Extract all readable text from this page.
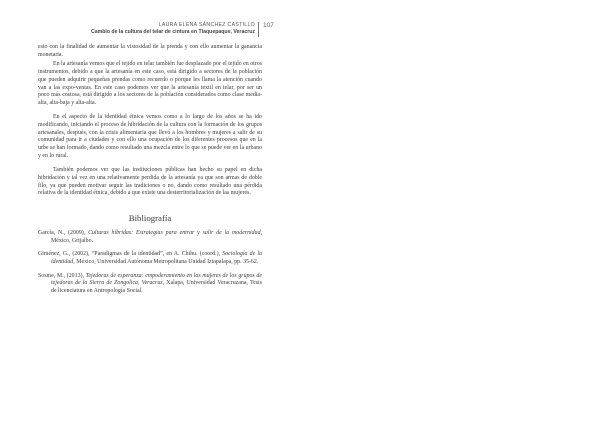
LAURA ELENA SÁNCHEZ CASTILLO
Cambio de la cultura del telar de cintura en Tlaquepaque, Veracruz
107

esto con la finalidad de aumentar la vistosidad de la prenda y con ello aumentar la ganancia monetaria.

En la artesanía vemos que el tejido en telar también fue desplazado por el tejido en otros instrumentos, debido a que la artesanía en este caso, está dirigido a sectores de la población que pueden adquirir pequeñas prendas como recuerdo o porque les llama la atención cuando van a las expo-ventas. En este caso podemos ver que la artesanía textil en telar, por ser un poco más costosa, está dirigido a los sectores de la población considerados como clase media-alta, alta-baja y alta-alta.

En el aspecto de la identidad étnica vemos como a lo largo de los años se ha ido modificando, iniciando el proceso de hibridación de la cultura con la formación de los grupos artesanales, después, con la crisis alimentaria que llevó a los hombres y mujeres a salir de su comunidad para ir a ciudades y con ello una ocupación de los diferentes procesos que en la urbe se han formado, dando como resultado una mezcla entre lo que se puede ver en la urbano y en lo rural.

También podemos ver que las instituciones públicas han hecho su papel en dicha hibridación y tal vez en una relativamente perdida de la artesanía ya que son armas de doble filo, ya que pueden motivar seguir las tradiciones o no, dando como resultado una pérdida relativa de la identidad étnica, debido a que existe una desterritorialización de las mujeres.

Bibliografía

García, N., (2009), Culturas híbridas: Estrategias para entrar y salir de la modernidad, México, Grijalbo.

Giménez, G., (2002), “Paradigmas de la identidad”, en A. Chihu. (coord.), Sociología de la identidad, México, Universidad Autónoma Metropolitana Unidad Iztapalapa, pp. 35-62.

Sosme, M., (2013), Tejedoras de esperanza: empoderamiento en las mujeres de los grupos de tejedoras de la Sierra de Zongolica, Veracruz, Xalapa, Universidad Veracruzana, Tesis de licenciatura en Antropología Social.
